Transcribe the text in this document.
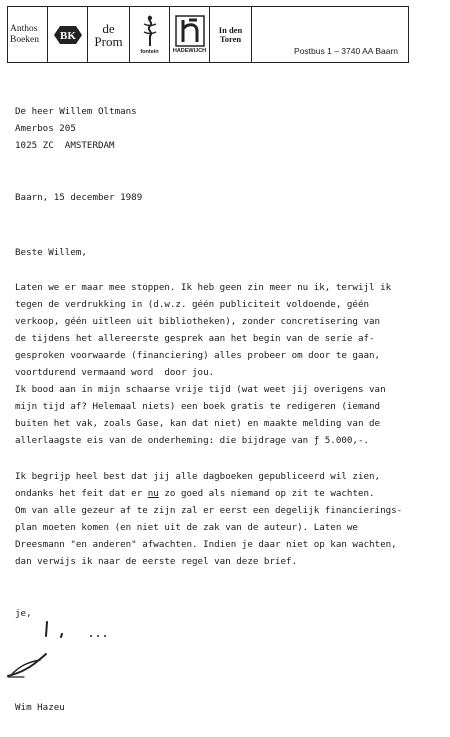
Anthos
Boeken BK de
Prom
fontein	HADEWIJCH
In den
Toren
Postbus 1 – 3740 AA Baarn

De heer Willem Oltmans

Amerbos 205

1025 ZC  AMSTERDAM

Baarn, 15 december 1989

Beste Willem,

Laten we er maar mee stoppen. Ik heb geen zin meer nu ik, terwijl ik

tegen de verdrukking in (d.w.z. géén publiciteit voldoende, géén

verkoop, géén uitleen uit bibliotheken), zonder concretisering van

de tijdens het allereerste gesprek aan het begin van de serie af-

gesproken voorwaarde (financiering) alles probeer om door te gaan,

voortdurend vermaand word  door jou.

Ik bood aan in mijn schaarse vrije tijd (wat weet jij overigens van

mijn tijd af? Helemaal niets) een boek gratis te redigeren (iemand

buiten het vak, zoals Gase, kan dat niet) en maakte melding van de

allerlaagste eis van de onderheming: die bijdrage van ƒ 5.000,-.

Ik begrijp heel best dat jij alle dagboeken gepubliceerd wil zien,

ondanks het feit dat er nu zo goed als niemand op zit te wachten.

Om van alle gezeur af te zijn zal er eerst een degelijk financierings-

plan moeten komen (en niet uit de zak van de auteur). Laten we

Dreesmann "en anderen" afwachten. Indien je daar niet op kan wachten,

dan verwijs ik naar de eerste regel van deze brief.

je,

Wim Hazeu
